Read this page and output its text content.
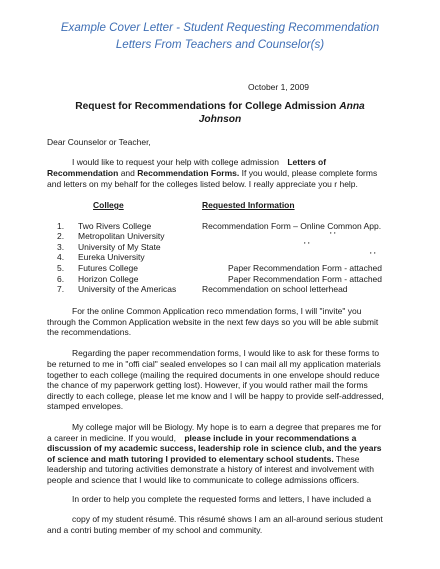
Example Cover Letter - Student Requesting Recommendation
Letters From Teachers and Counselor(s)
October 1, 2009
Request for Recommendations for College Admission Anna
Johnson
Dear Counselor or Teacher,
I would like to request your help with college admission Letters of
Recommendation and Recommendation Forms. If you would, please complete forms
and letters on my behalf for the colleges listed below. I really appreciate you r help.
College	Requested Information
1. Two Rivers College	Recommendation Form – Online Common App.
2. Metropolitan University	' '
3. University of My State	' '
4. Eureka University	' '
5. Futures College	Paper Recommendation Form - attached
6. Horizon College	Paper Recommendation Form - attached
7. University of the Americas	Recommendation on school letterhead
For the online Common Application reco mmendation forms, I will "invite" you
through the Common Application website in the next few days so you will be able submit
the recommendations.
Regarding the paper recommendation forms, I would like to ask for these forms to
be returned to me in "offi cial" sealed envelopes so I can mail all my application materials
together to each college (mailing the required documents in one envelope should reduce
the chance of my paperwork getting lost). However, if you would rather mail the forms
directly to each college, please let me know and I will be happy to provide self-addressed,
stamped envelopes.
My college major will be Biology. My hope is to earn a degree that prepares me for
a career in medicine. If you would, please include in your recommendations a
discussion of my academic success, leadership role in science club, and the years
of science and math tutoring I provided to elementary school students. These
leadership and tutoring activities demonstrate a history of interest and involvement with
people and science that I would like to communicate to college admissions officers.
In order to help you complete the requested forms and letters, I have included a
copy of my student résumé. This résumé shows I am an all-around serious student
and a contri buting member of my school and community.
